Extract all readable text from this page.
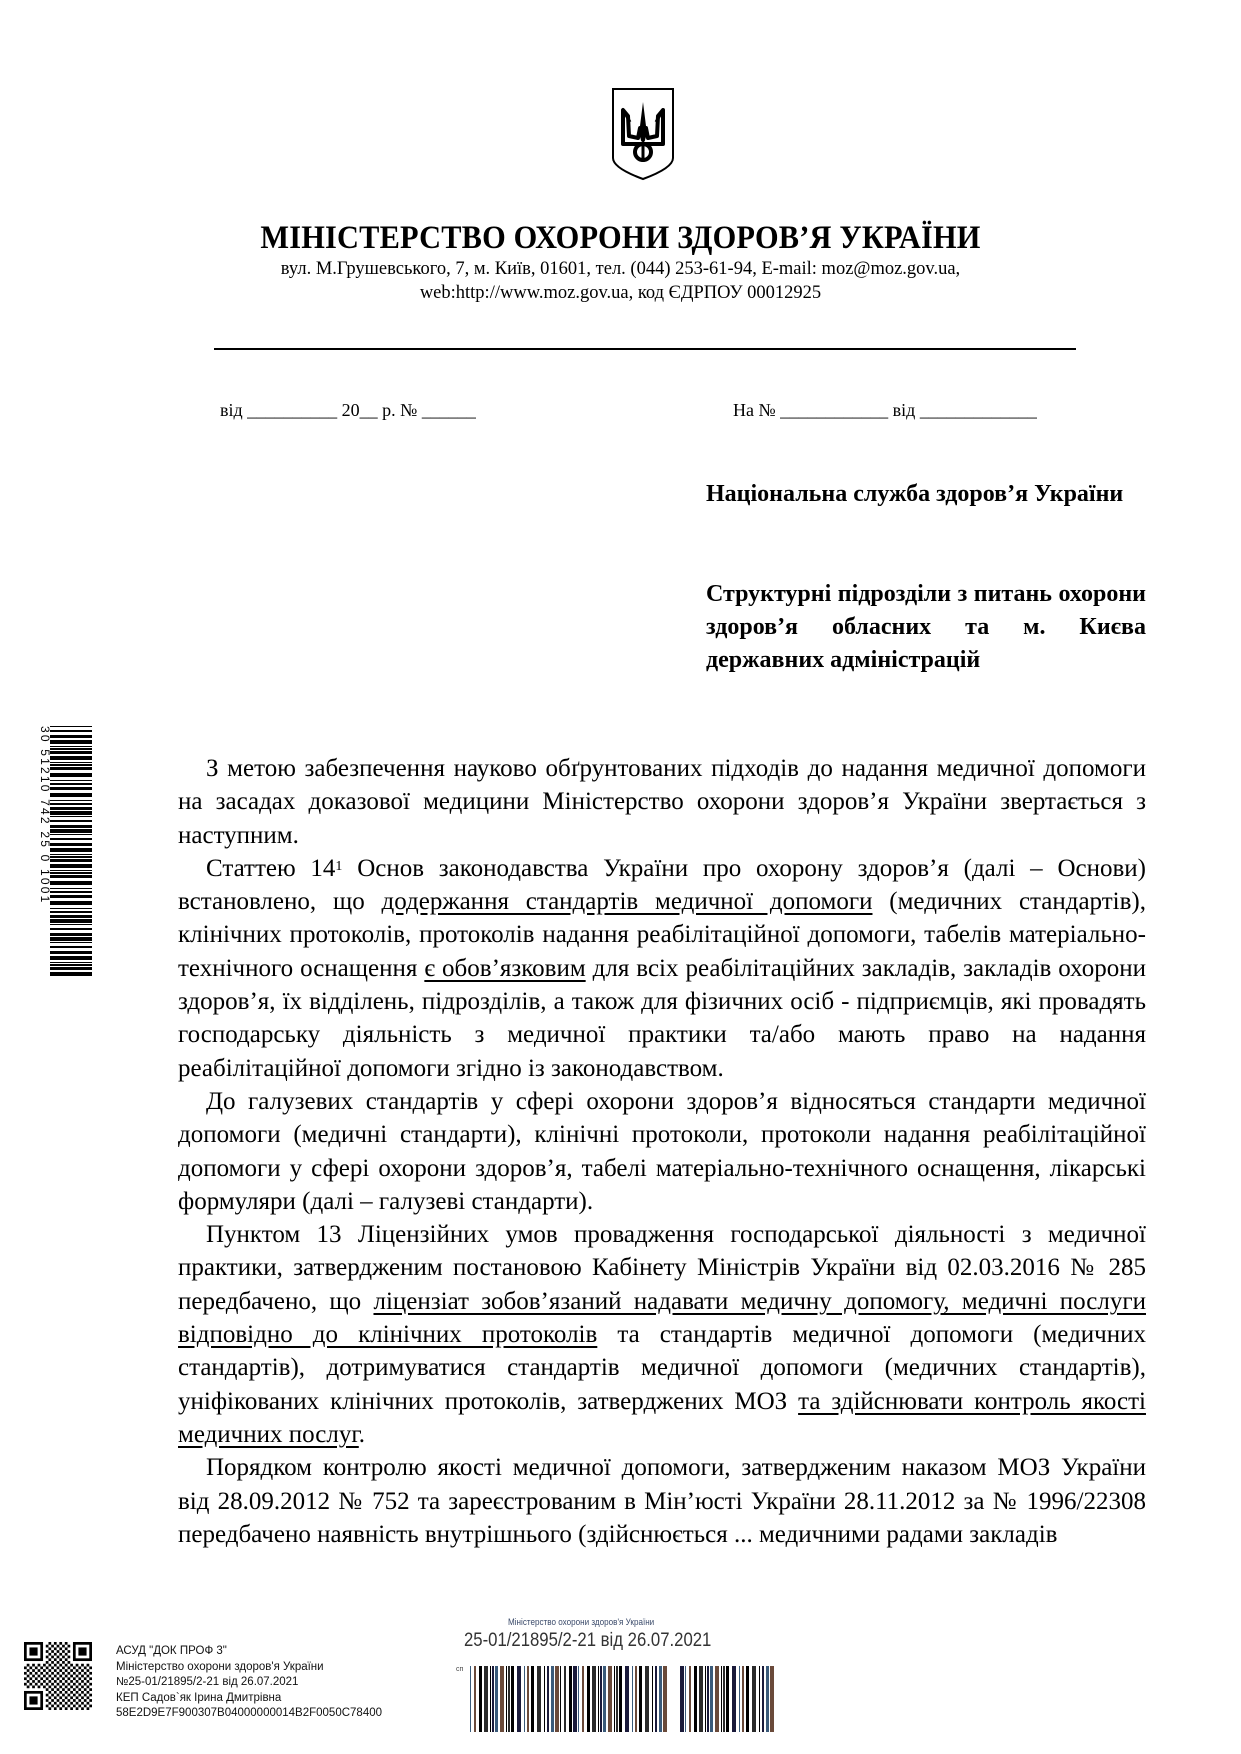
МІНІСТЕРСТВО ОХОРОНИ ЗДОРОВ’Я УКРАЇНИ
вул. М.Грушевського, 7, м. Київ, 01601, тел. (044) 253-61-94, E-mail: moz@moz.gov.ua,
web:http://www.moz.gov.ua, код ЄДРПОУ 00012925
від __________ 20__ р. № ______	На № ____________ від _____________
Національна служба здоров’я України
Структурні підрозділи з питань охорони здоров’я обласних та м. Києва державних адміністрацій

З метою забезпечення науково обґрунтованих підходів до надання медичної допомоги на засадах доказової медицини Міністерство охорони здоров’я України звертається з наступним.

Статтею $14^1$ Основ законодавства України про охорону здоров’я (далі – Основи) встановлено, що додержання стандартів медичної допомоги (медичних стандартів), клінічних протоколів, протоколів надання реабілітаційної допомоги, табелів матеріально-технічного оснащення є обов’язковим для всіх реабілітаційних закладів, закладів охорони здоров’я, їх відділень, підрозділів, а також для фізичних осіб - підприємців, які провадять господарську діяльність з медичної практики та/або мають право на надання реабілітаційної допомоги згідно із законодавством.

До галузевих стандартів у сфері охорони здоров’я відносяться стандарти медичної допомоги (медичні стандарти), клінічні протоколи, протоколи надання реабілітаційної допомоги у сфері охорони здоров’я, табелі матеріально-технічного оснащення, лікарські формуляри (далі – галузеві стандарти).

Пунктом 13 Ліцензійних умов провадження господарської діяльності з медичної практики, затвердженим постановою Кабінету Міністрів України від 02.03.2016 № 285 передбачено, що ліцензіат зобов’язаний надавати медичну допомогу, медичні послуги відповідно до клінічних протоколів та стандартів медичної допомоги (медичних стандартів), дотримуватися стандартів медичної допомоги (медичних стандартів), уніфікованих клінічних протоколів, затверджених МОЗ та здійснювати контроль якості медичних послуг.

Порядком контролю якості медичної допомоги, затвердженим наказом МОЗ України від 28.09.2012 № 752 та зареєстрованим в Мін’юсті України 28.11.2012 за № 1996/22308 передбачено наявність внутрішнього (здійснюється ... медичними радами закладів

30 51210 742 25 0 1001
АСУД "ДОК ПРОФ 3"
Міністерство охорони здоров'я України
№25-01/21895/2-21 від 26.07.2021
КЕП Садов`як Ірина Дмитрівна
58E2D9E7F900307B04000000014B2F0050C78400
Міністерство охорони здоров'я України
25-01/21895/2-21 від 26.07.2021
сп
